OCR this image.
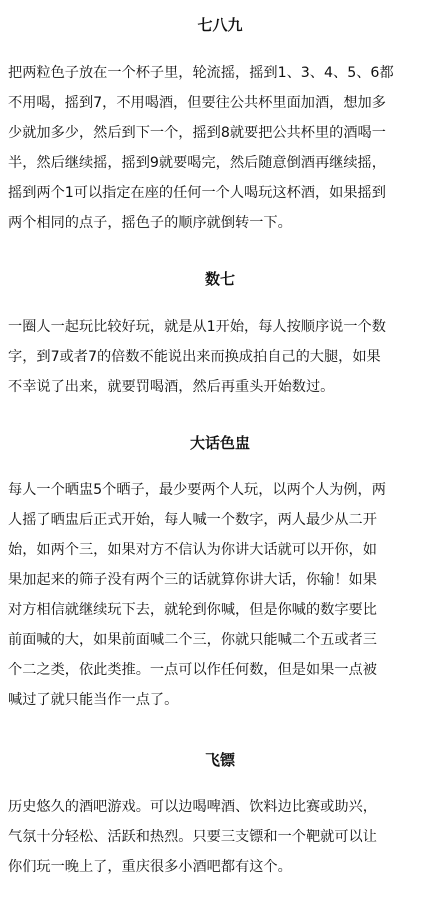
七八九
把两粒色子放在一个杯子里，轮流摇，摇到1、3、4、5、6都
不用喝，摇到7，不用喝酒，但要往公共杯里面加酒，想加多
少就加多少，然后到下一个，摇到8就要把公共杯里的酒喝一
半，然后继续摇，摇到9就要喝完，然后随意倒酒再继续摇，
摇到两个1可以指定在座的任何一个人喝玩这杯酒，如果摇到
两个相同的点子，摇色子的顺序就倒转一下。
数七
一圈人一起玩比较好玩，就是从1开始，每人按顺序说一个数
字，到7或者7的倍数不能说出来而换成拍自己的大腿，如果
不幸说了出来，就要罚喝酒，然后再重头开始数过。
大话色盅
每人一个晒盅5个晒子，最少要两个人玩，以两个人为例，两
人摇了晒盅后正式开始，每人喊一个数字，两人最少从二开
始，如两个三，如果对方不信认为你讲大话就可以开你，如
果加起来的筛子没有两个三的话就算你讲大话，你输！如果
对方相信就继续玩下去，就轮到你喊，但是你喊的数字要比
前面喊的大，如果前面喊二个三，你就只能喊二个五或者三
个二之类，依此类推。一点可以作任何数，但是如果一点被
喊过了就只能当作一点了。
飞镖
历史悠久的酒吧游戏。可以边喝啤酒、饮料边比赛或助兴，
气氛十分轻松、活跃和热烈。只要三支镖和一个靶就可以让
你们玩一晚上了，重庆很多小酒吧都有这个。
